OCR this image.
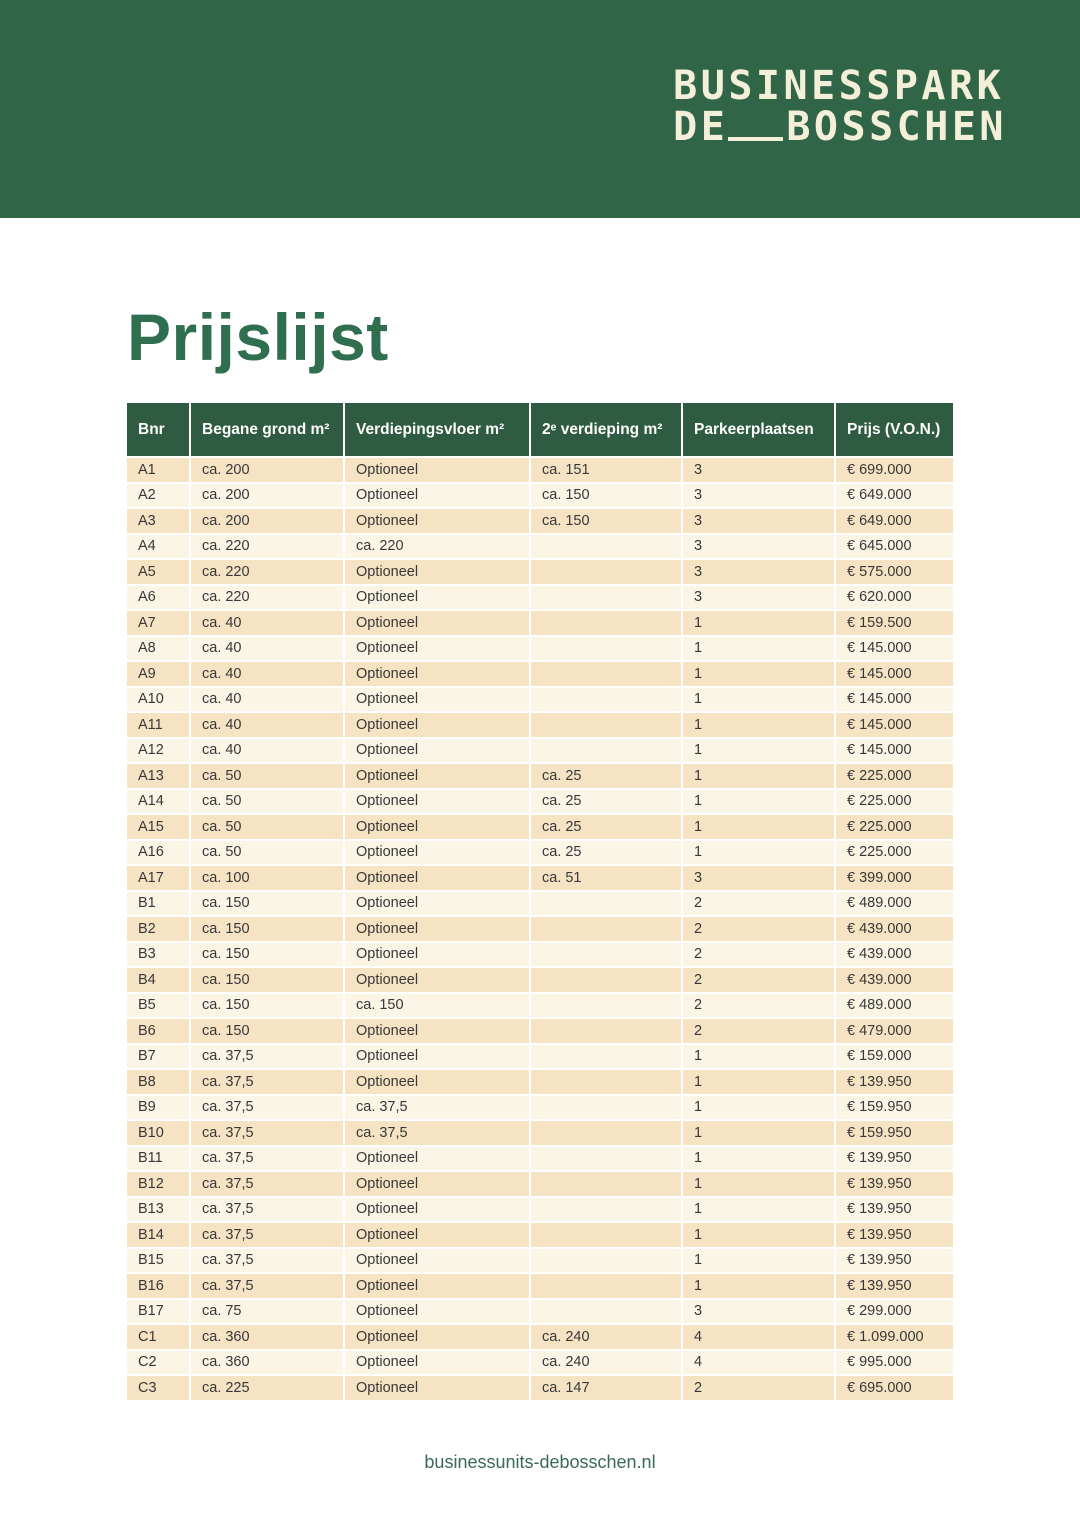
BUSINESSPARK
DE BOSSCHEN
Prijslijst
Bnr	Begane grond m²	Verdiepingsvloer m²	2ᵉ verdieping m²	Parkeerplaatsen	Prijs (V.O.N.)
A1	ca. 200	Optioneel	ca. 151	3	€ 699.000
A2	ca. 200	Optioneel	ca. 150	3	€ 649.000
A3	ca. 200	Optioneel	ca. 150	3	€ 649.000
A4	ca. 220	ca. 220		3	€ 645.000
A5	ca. 220	Optioneel		3	€ 575.000
A6	ca. 220	Optioneel		3	€ 620.000
A7	ca. 40	Optioneel		1	€ 159.500
A8	ca. 40	Optioneel		1	€ 145.000
A9	ca. 40	Optioneel		1	€ 145.000
A10	ca. 40	Optioneel		1	€ 145.000
A11	ca. 40	Optioneel		1	€ 145.000
A12	ca. 40	Optioneel		1	€ 145.000
A13	ca. 50	Optioneel	ca. 25	1	€ 225.000
A14	ca. 50	Optioneel	ca. 25	1	€ 225.000
A15	ca. 50	Optioneel	ca. 25	1	€ 225.000
A16	ca. 50	Optioneel	ca. 25	1	€ 225.000
A17	ca. 100	Optioneel	ca. 51	3	€ 399.000
B1	ca. 150	Optioneel		2	€ 489.000
B2	ca. 150	Optioneel		2	€ 439.000
B3	ca. 150	Optioneel		2	€ 439.000
B4	ca. 150	Optioneel		2	€ 439.000
B5	ca. 150	ca. 150		2	€ 489.000
B6	ca. 150	Optioneel		2	€ 479.000
B7	ca. 37,5	Optioneel		1	€ 159.000
B8	ca. 37,5	Optioneel		1	€ 139.950
B9	ca. 37,5	ca. 37,5		1	€ 159.950
B10	ca. 37,5	ca. 37,5		1	€ 159.950
B11	ca. 37,5	Optioneel		1	€ 139.950
B12	ca. 37,5	Optioneel		1	€ 139.950
B13	ca. 37,5	Optioneel		1	€ 139.950
B14	ca. 37,5	Optioneel		1	€ 139.950
B15	ca. 37,5	Optioneel		1	€ 139.950
B16	ca. 37,5	Optioneel		1	€ 139.950
B17	ca. 75	Optioneel		3	€ 299.000
C1	ca. 360	Optioneel	ca. 240	4	€ 1.099.000
C2	ca. 360	Optioneel	ca. 240	4	€ 995.000
C3	ca. 225	Optioneel	ca. 147	2	€ 695.000
businessunits-debosschen.nl
